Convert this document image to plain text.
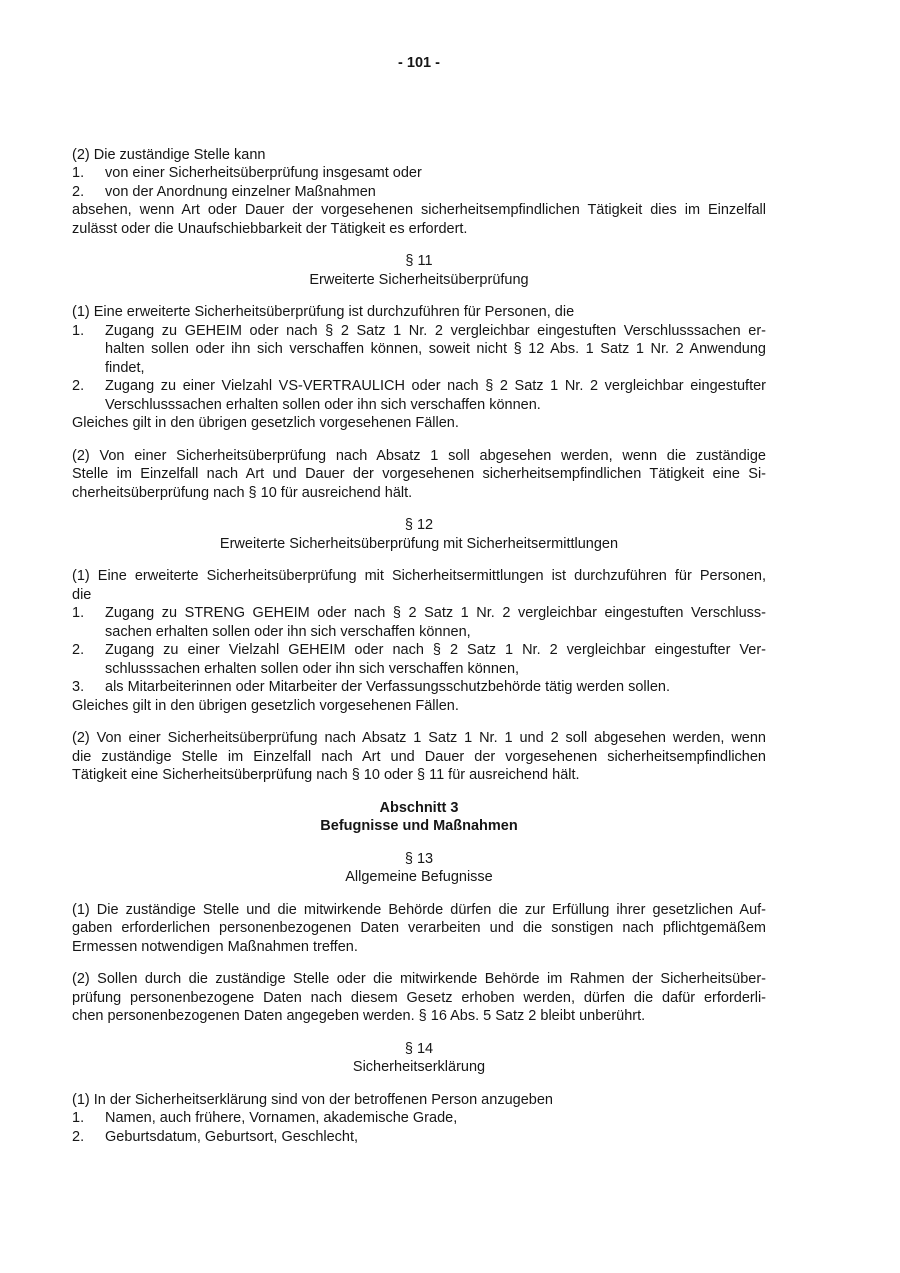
- 101 -
(2) Die zuständige Stelle kann
1. von einer Sicherheitsüberprüfung insgesamt oder
2. von der Anordnung einzelner Maßnahmen
absehen, wenn Art oder Dauer der vorgesehenen sicherheitsempfindlichen Tätigkeit dies im Einzelfall
zulässt oder die Unaufschiebbarkeit der Tätigkeit es erfordert.
§ 11
Erweiterte Sicherheitsüberprüfung
(1) Eine erweiterte Sicherheitsüberprüfung ist durchzuführen für Personen, die
1. Zugang zu GEHEIM oder nach § 2 Satz 1 Nr. 2 vergleichbar eingestuften Verschlusssachen er-
halten sollen oder ihn sich verschaffen können, soweit nicht § 12 Abs. 1 Satz 1 Nr. 2 Anwendung
findet,
2. Zugang zu einer Vielzahl VS-VERTRAULICH oder nach § 2 Satz 1 Nr. 2 vergleichbar eingestufter
Verschlusssachen erhalten sollen oder ihn sich verschaffen können.
Gleiches gilt in den übrigen gesetzlich vorgesehenen Fällen.
(2) Von einer Sicherheitsüberprüfung nach Absatz 1 soll abgesehen werden, wenn die zuständige
Stelle im Einzelfall nach Art und Dauer der vorgesehenen sicherheitsempfindlichen Tätigkeit eine Si-
cherheitsüberprüfung nach § 10 für ausreichend hält.
§ 12
Erweiterte Sicherheitsüberprüfung mit Sicherheitsermittlungen
(1) Eine erweiterte Sicherheitsüberprüfung mit Sicherheitsermittlungen ist durchzuführen für Personen,
die
1. Zugang zu STRENG GEHEIM oder nach § 2 Satz 1 Nr. 2 vergleichbar eingestuften Verschluss-
sachen erhalten sollen oder ihn sich verschaffen können,
2. Zugang zu einer Vielzahl GEHEIM oder nach § 2 Satz 1 Nr. 2 vergleichbar eingestufter Ver-
schlusssachen erhalten sollen oder ihn sich verschaffen können,
3. als Mitarbeiterinnen oder Mitarbeiter der Verfassungsschutzbehörde tätig werden sollen.
Gleiches gilt in den übrigen gesetzlich vorgesehenen Fällen.
(2) Von einer Sicherheitsüberprüfung nach Absatz 1 Satz 1 Nr. 1 und 2 soll abgesehen werden, wenn
die zuständige Stelle im Einzelfall nach Art und Dauer der vorgesehenen sicherheitsempfindlichen
Tätigkeit eine Sicherheitsüberprüfung nach § 10 oder § 11 für ausreichend hält.
Abschnitt 3
Befugnisse und Maßnahmen
§ 13
Allgemeine Befugnisse
(1) Die zuständige Stelle und die mitwirkende Behörde dürfen die zur Erfüllung ihrer gesetzlichen Auf-
gaben erforderlichen personenbezogenen Daten verarbeiten und die sonstigen nach pflichtgemäßem
Ermessen notwendigen Maßnahmen treffen.
(2) Sollen durch die zuständige Stelle oder die mitwirkende Behörde im Rahmen der Sicherheitsüber-
prüfung personenbezogene Daten nach diesem Gesetz erhoben werden, dürfen die dafür erforderli-
chen personenbezogenen Daten angegeben werden. § 16 Abs. 5 Satz 2 bleibt unberührt.
§ 14
Sicherheitserklärung
(1) In der Sicherheitserklärung sind von der betroffenen Person anzugeben
1. Namen, auch frühere, Vornamen, akademische Grade,
2. Geburtsdatum, Geburtsort, Geschlecht,
